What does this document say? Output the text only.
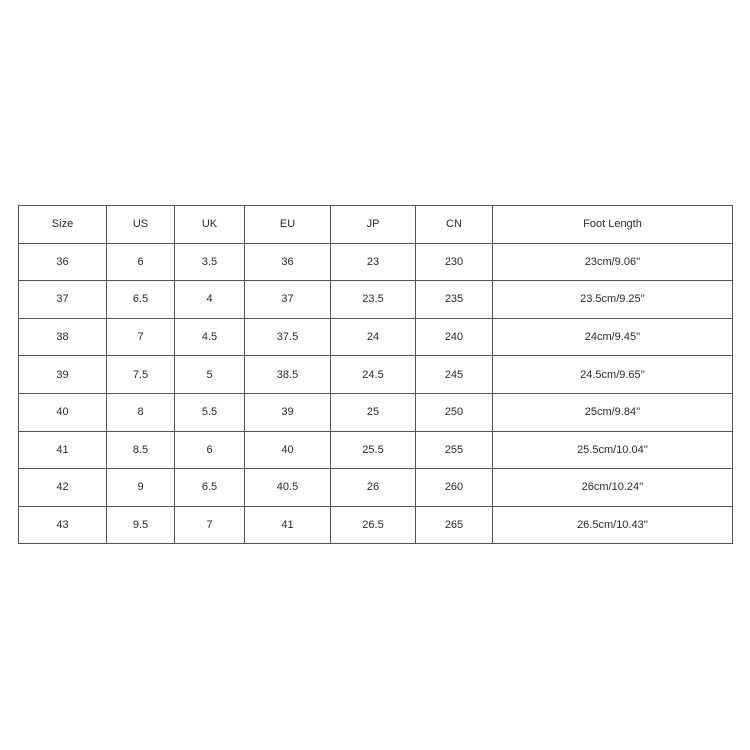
Size	US	UK	EU	JP	CN	Foot Length
36	6	3.5	36	23	230	23cm/9.06''
37	6.5	4	37	23.5	235	23.5cm/9.25''
38	7	4.5	37.5	24	240	24cm/9.45''
39	7.5	5	38.5	24.5	245	24.5cm/9.65''
40	8	5.5	39	25	250	25cm/9.84''
41	8.5	6	40	25.5	255	25.5cm/10.04''
42	9	6.5	40.5	26	260	26cm/10.24''
43	9.5	7	41	26.5	265	26.5cm/10.43''
